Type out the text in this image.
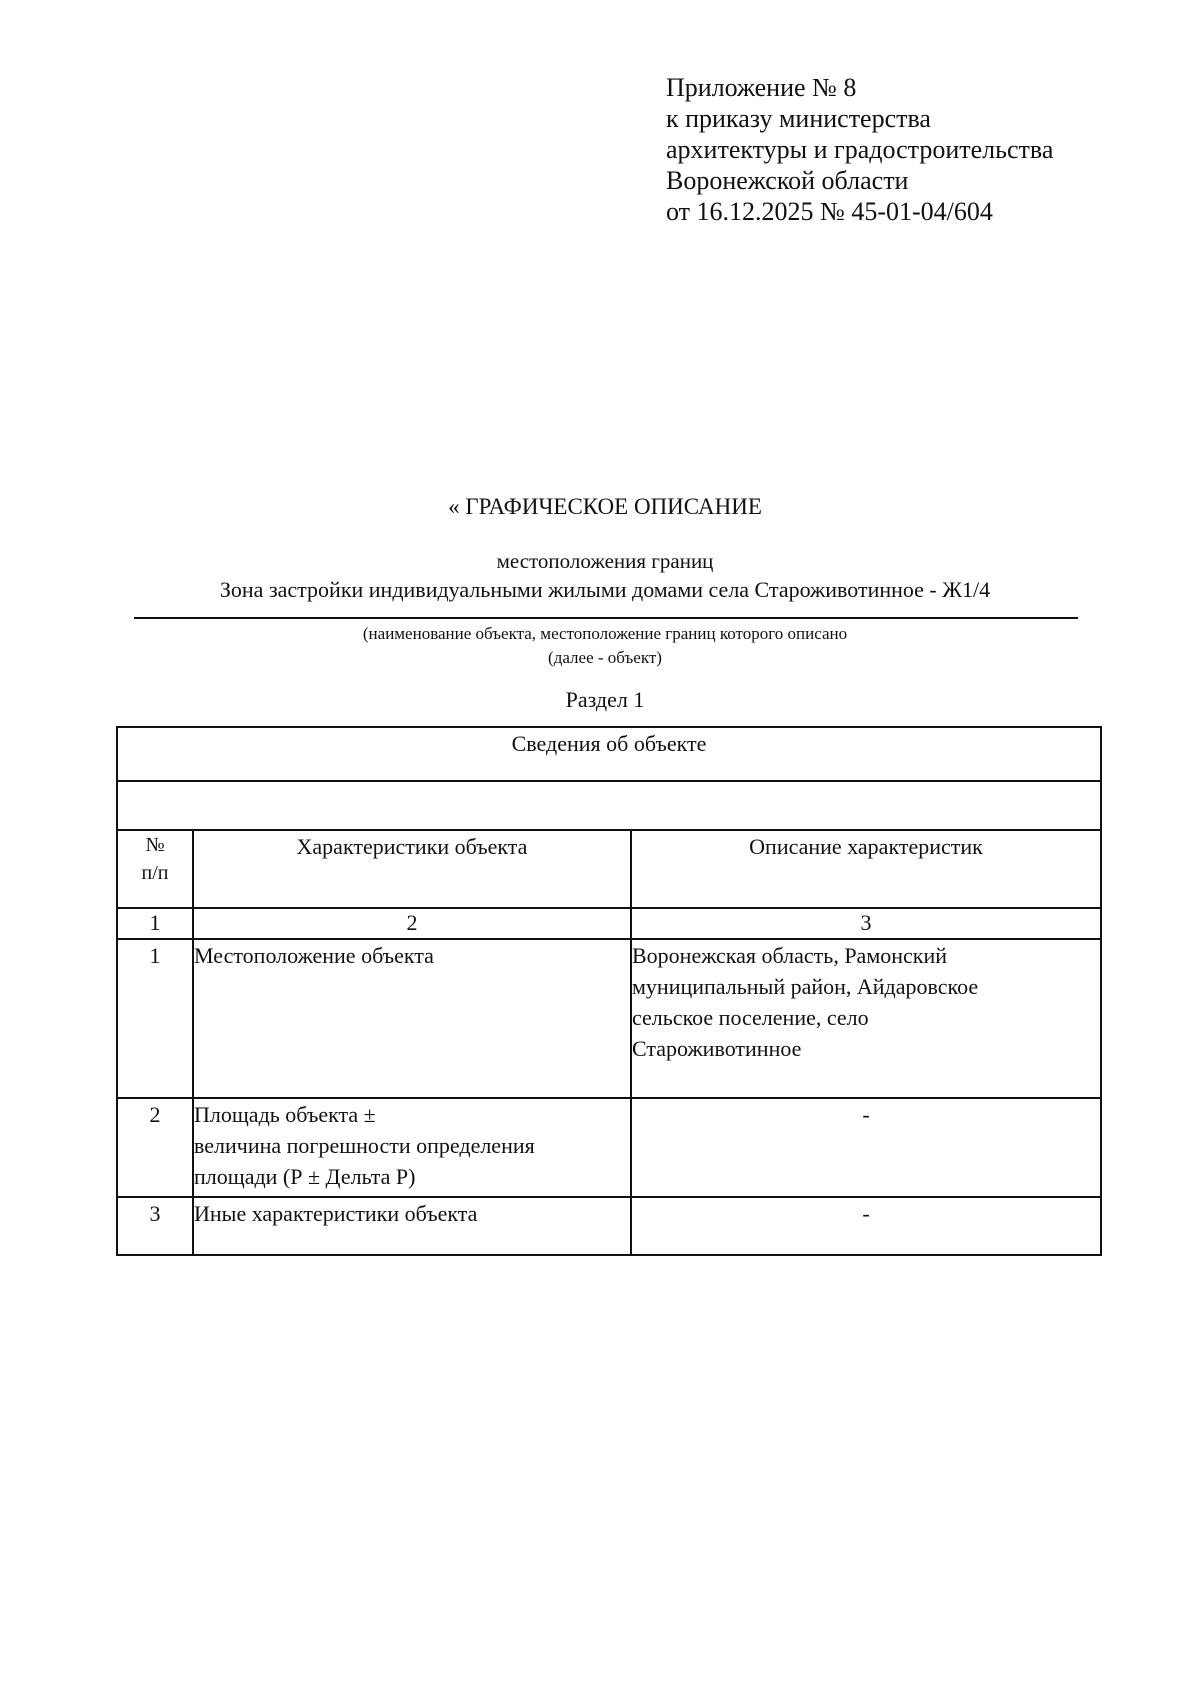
Приложение № 8
к приказу министерства
архитектуры и градостроительства
Воронежской области
от 16.12.2025 № 45-01-04/604
« ГРАФИЧЕСКОЕ ОПИСАНИЕ
местоположения границ
Зона застройки индивидуальными жилыми домами села Староживотинное - Ж1/4
(наименование объекта, местоположение границ которого описано
(далее - объект)
Раздел 1
Сведения об объекте		

№
п/п	Характеристики объекта	Описание характеристик
1	2	3
1	Местоположение объекта	Воронежская область, Рамонский
муниципальный район, Айдаровское
сельское поселение, село
Староживотинное

2	Площадь объекта ±
величина погрешности определения
площади (Р ± Дельта Р)	-
3	Иные характеристики объекта	-
